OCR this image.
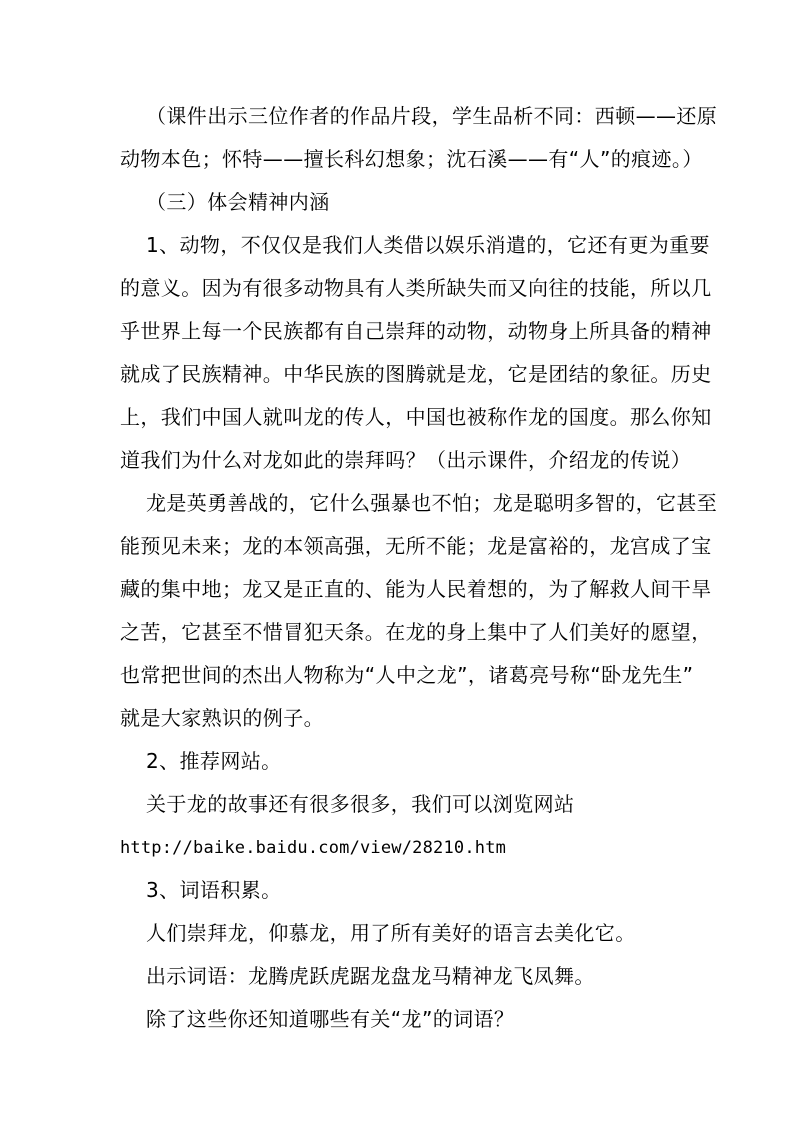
（课件出示三位作者的作品片段，学生品析不同：西顿——还原
动物本色；怀特——擅长科幻想象；沈石溪——有“人”的痕迹。）
（三）体会精神内涵
1、动物，不仅仅是我们人类借以娱乐消遣的，它还有更为重要
的意义。因为有很多动物具有人类所缺失而又向往的技能，所以几
乎世界上每一个民族都有自己崇拜的动物，动物身上所具备的精神
就成了民族精神。中华民族的图腾就是龙，它是团结的象征。历史
上，我们中国人就叫龙的传人，中国也被称作龙的国度。那么你知
道我们为什么对龙如此的崇拜吗？（出示课件，介绍龙的传说）
龙是英勇善战的，它什么强暴也不怕；龙是聪明多智的，它甚至
能预见未来；龙的本领高强，无所不能；龙是富裕的，龙宫成了宝
藏的集中地；龙又是正直的、能为人民着想的，为了解救人间干旱
之苦，它甚至不惜冒犯天条。在龙的身上集中了人们美好的愿望，
也常把世间的杰出人物称为“人中之龙”，诸葛亮号称“卧龙先生”
就是大家熟识的例子。
2、推荐网站。
关于龙的故事还有很多很多，我们可以浏览网站
http://baike.baidu.com/view/28210.htm
3、词语积累。
人们崇拜龙，仰慕龙，用了所有美好的语言去美化它。
出示词语：龙腾虎跃虎踞龙盘龙马精神龙飞凤舞。
除了这些你还知道哪些有关“龙”的词语？
